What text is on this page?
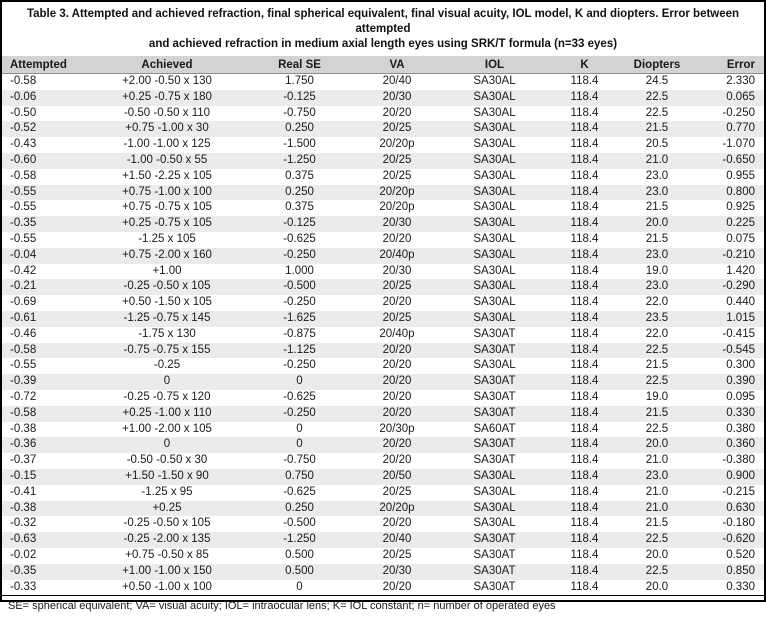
Table 3. Attempted and achieved refraction, final spherical equivalent, final visual acuity, IOL model, K and diopters. Error between attempted
and achieved refraction in medium axial length eyes using SRK/T formula (n=33 eyes)
Attempted	Achieved	Real SE	VA	IOL	K	Diopters	Error
-0.58	+2.00 -0.50 x 130	1.750	20/40	SA30AL	118.4	24.5	2.330
-0.06	+0.25 -0.75 x 180	-0.125	20/30	SA30AL	118.4	22.5	0.065
-0.50	-0.50 -0.50 x 110	-0.750	20/20	SA30AL	118.4	22.5	-0.250
-0.52	+0.75 -1.00 x 30	0.250	20/25	SA30AL	118.4	21.5	0.770
-0.43	-1.00 -1.00 x 125	-1.500	20/20p	SA30AL	118.4	20.5	-1.070
-0.60	-1.00 -0.50 x 55	-1.250	20/25	SA30AL	118.4	21.0	-0.650
-0.58	+1.50 -2.25 x 105	0.375	20/25	SA30AL	118.4	23.0	0.955
-0.55	+0.75 -1.00 x 100	0.250	20/20p	SA30AL	118.4	23.0	0.800
-0.55	+0.75 -0.75 x 105	0.375	20/20p	SA30AL	118.4	21.5	0.925
-0.35	+0.25 -0.75 x 105	-0.125	20/30	SA30AL	118.4	20.0	0.225
-0.55	-1.25 x 105	-0.625	20/20	SA30AL	118.4	21.5	0.075
-0.04	+0.75 -2.00 x 160	-0.250	20/40p	SA30AL	118.4	23.0	-0.210
-0.42	+1.00	1.000	20/30	SA30AL	118.4	19.0	1.420
-0.21	-0.25 -0.50 x 105	-0.500	20/25	SA30AL	118.4	23.0	-0.290
-0.69	+0.50 -1.50 x 105	-0.250	20/20	SA30AL	118.4	22.0	0.440
-0.61	-1.25 -0.75 x 145	-1.625	20/25	SA30AL	118.4	23.5	1.015
-0.46	-1.75 x 130	-0.875	20/40p	SA30AT	118.4	22.0	-0.415
-0.58	-0.75 -0.75 x 155	-1.125	20/20	SA30AT	118.4	22.5	-0.545
-0.55	-0.25	-0.250	20/20	SA30AL	118.4	21.5	0.300
-0.39	0	0	20/20	SA30AT	118.4	22.5	0.390
-0.72	-0.25 -0.75 x 120	-0.625	20/20	SA30AT	118.4	19.0	0.095
-0.58	+0.25 -1.00 x 110	-0.250	20/20	SA30AT	118.4	21.5	0.330
-0.38	+1.00 -2.00 x 105	0	20/30p	SA60AT	118.4	22.5	0.380
-0.36	0	0	20/20	SA30AT	118.4	20.0	0.360
-0.37	-0.50 -0.50 x 30	-0.750	20/20	SA30AT	118.4	21.0	-0.380
-0.15	+1.50 -1.50 x 90	0.750	20/50	SA30AL	118.4	23.0	0.900
-0.41	-1.25 x 95	-0.625	20/25	SA30AL	118.4	21.0	-0.215
-0.38	+0.25	0.250	20/20p	SA30AL	118.4	21.0	0.630
-0.32	-0.25 -0.50 x 105	-0.500	20/20	SA30AL	118.4	21.5	-0.180
-0.63	-0.25 -2.00 x 135	-1.250	20/40	SA30AT	118.4	22.5	-0.620
-0.02	+0.75 -0.50 x 85	0.500	20/25	SA30AT	118.4	20.0	0.520
-0.35	+1.00 -1.00 x 150	0.500	20/30	SA30AT	118.4	22.5	0.850
-0.33	+0.50 -1.00 x 100	0	20/20	SA30AT	118.4	20.0	0.330
SE= spherical equivalent; VA= visual acuity; IOL= intraocular lens; K= IOL constant; n= number of operated eyes
